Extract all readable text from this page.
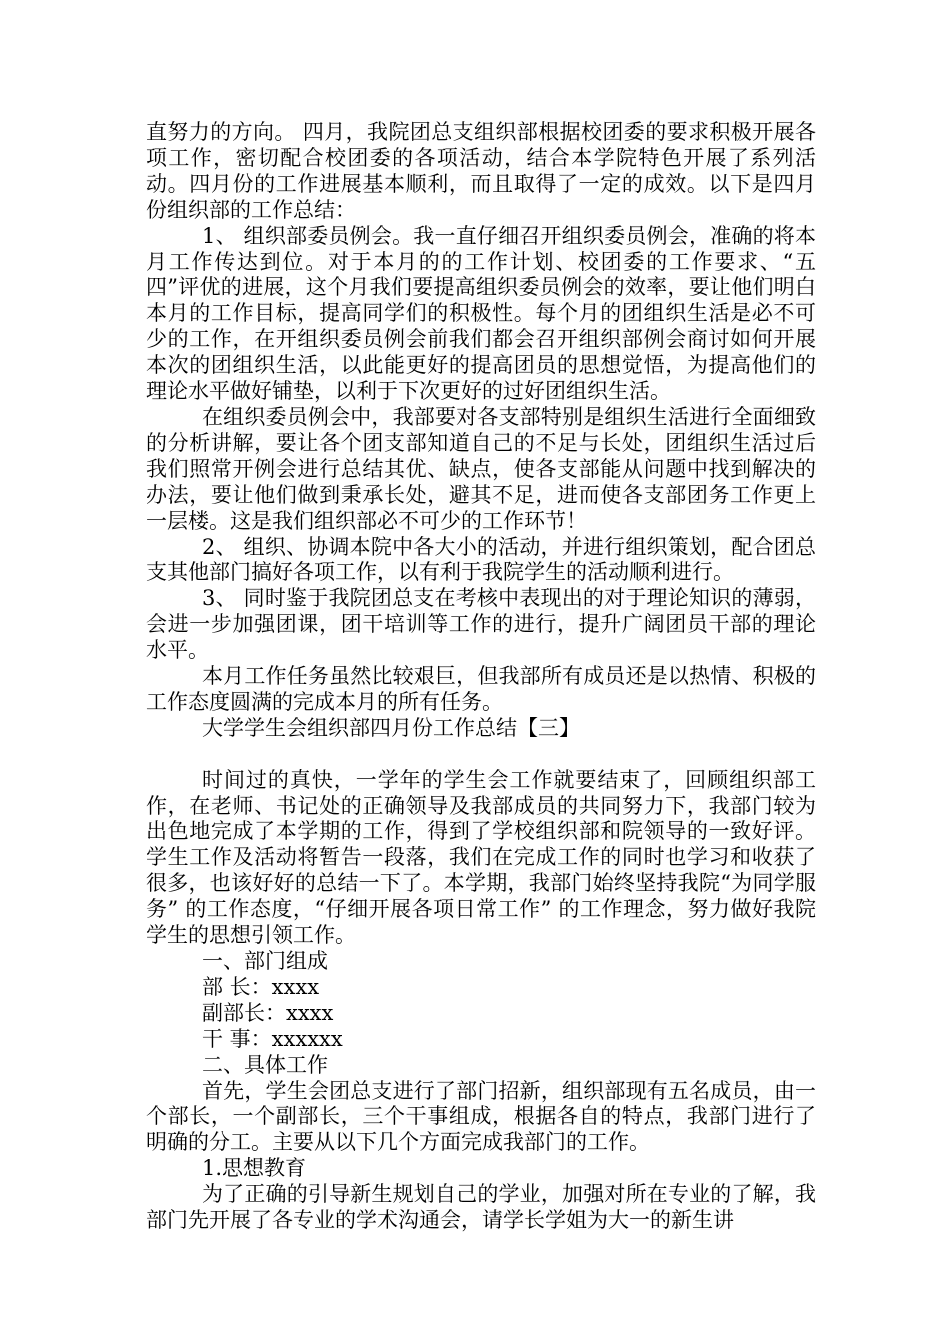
直努力的方向。 四月，我院团总支组织部根据校团委的要求积极开展各项工作，密切配合校团委的各项活动，结合本学院特色开展了系列活动。四月份的工作进展基本顺利，而且取得了一定的成效。以下是四月份组织部的工作总结：

1、 组织部委员例会。我一直仔细召开组织委员例会，准确的将本月工作传达到位。对于本月的的工作计划、校团委的工作要求、“五四”评优的进展，这个月我们要提高组织委员例会的效率，要让他们明白本月的工作目标，提高同学们的积极性。每个月的团组织生活是必不可少的工作，在开组织委员例会前我们都会召开组织部例会商讨如何开展本次的团组织生活，以此能更好的提高团员的思想觉悟，为提高他们的理论水平做好铺垫，以利于下次更好的过好团组织生活。

在组织委员例会中，我部要对各支部特别是组织生活进行全面细致的分析讲解，要让各个团支部知道自己的不足与长处，团组织生活过后我们照常开例会进行总结其优、缺点，使各支部能从问题中找到解决的办法，要让他们做到秉承长处，避其不足，进而使各支部团务工作更上一层楼。这是我们组织部必不可少的工作环节！

2、 组织、协调本院中各大小的活动，并进行组织策划，配合团总支其他部门搞好各项工作，以有利于我院学生的活动顺利进行。

3、 同时鉴于我院团总支在考核中表现出的对于理论知识的薄弱，会进一步加强团课，团干培训等工作的进行，提升广阔团员干部的理论水平。

本月工作任务虽然比较艰巨，但我部所有成员还是以热情、积极的工作态度圆满的完成本月的所有任务。

大学学生会组织部四月份工作总结【三】

时间过的真快，一学年的学生会工作就要结束了，回顾组织部工作，在老师、书记处的正确领导及我部成员的共同努力下，我部门较为出色地完成了本学期的工作，得到了学校组织部和院领导的一致好评。学生工作及活动将暂告一段落，我们在完成工作的同时也学习和收获了很多，也该好好的总结一下了。本学期，我部门始终坚持我院“为同学服务” 的工作态度，“仔细开展各项日常工作” 的工作理念，努力做好我院学生的思想引领工作。

一、部门组成

部 长：xxxx

副部长：xxxx

干 事：xxxxxx

二、具体工作

首先，学生会团总支进行了部门招新，组织部现有五名成员，由一个部长，一个副部长，三个干事组成，根据各自的特点，我部门进行了明确的分工。主要从以下几个方面完成我部门的工作。

1.思想教育

为了正确的引导新生规划自己的学业，加强对所在专业的了解，我部门先开展了各专业的学术沟通会，请学长学姐为大一的新生讲
